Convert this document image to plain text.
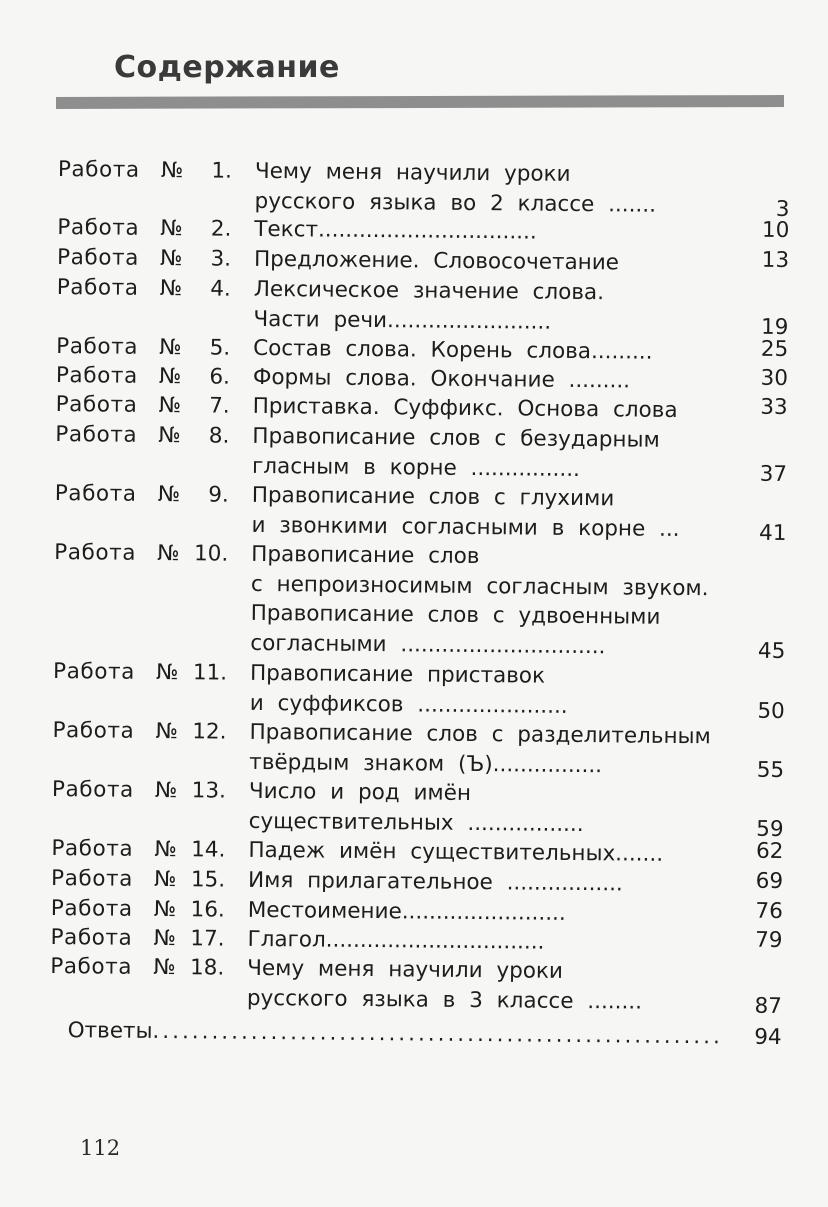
Содержание
Работа №	1. Чему меня научили уроки
русского языка во 2 классе .......	3
Работа №	2. Текст................................	10
Работа №	3. Предложение. Словосочетание	13
Работа №	4. Лексическое значение слова.
Части речи........................	19
Работа №	5. Состав слова. Корень слова.........	25
Работа №	6. Формы слова. Окончание .........	30
Работа №	7. Приставка. Суффикс. Основа слова	33
Работа №	8. Правописание слов с безударным
гласным в корне ................	37
Работа №	9. Правописание слов с глухими
и звонкими согласными в корне ...	41
Работа № 10. Правописание слов
с непроизносимым согласным звуком.
Правописание слов с удвоенными
согласными ..............................	45
Работа № 11. Правописание приставок
и суффиксов ......................	50
Работа № 12. Правописание слов с разделительным
твёрдым знаком (Ъ)................	55
Работа № 13. Число и род имён
существительных .................	59
Работа № 14. Падеж имён существительных.......	62
Работа № 15. Имя прилагательное .................	69
Работа № 16. Местоимение........................	76
Работа № 17. Глагол................................	79
Работа № 18. Чему меня научили уроки
русского языка в 3 классе ........	87
Ответы..........................................................	94
112
